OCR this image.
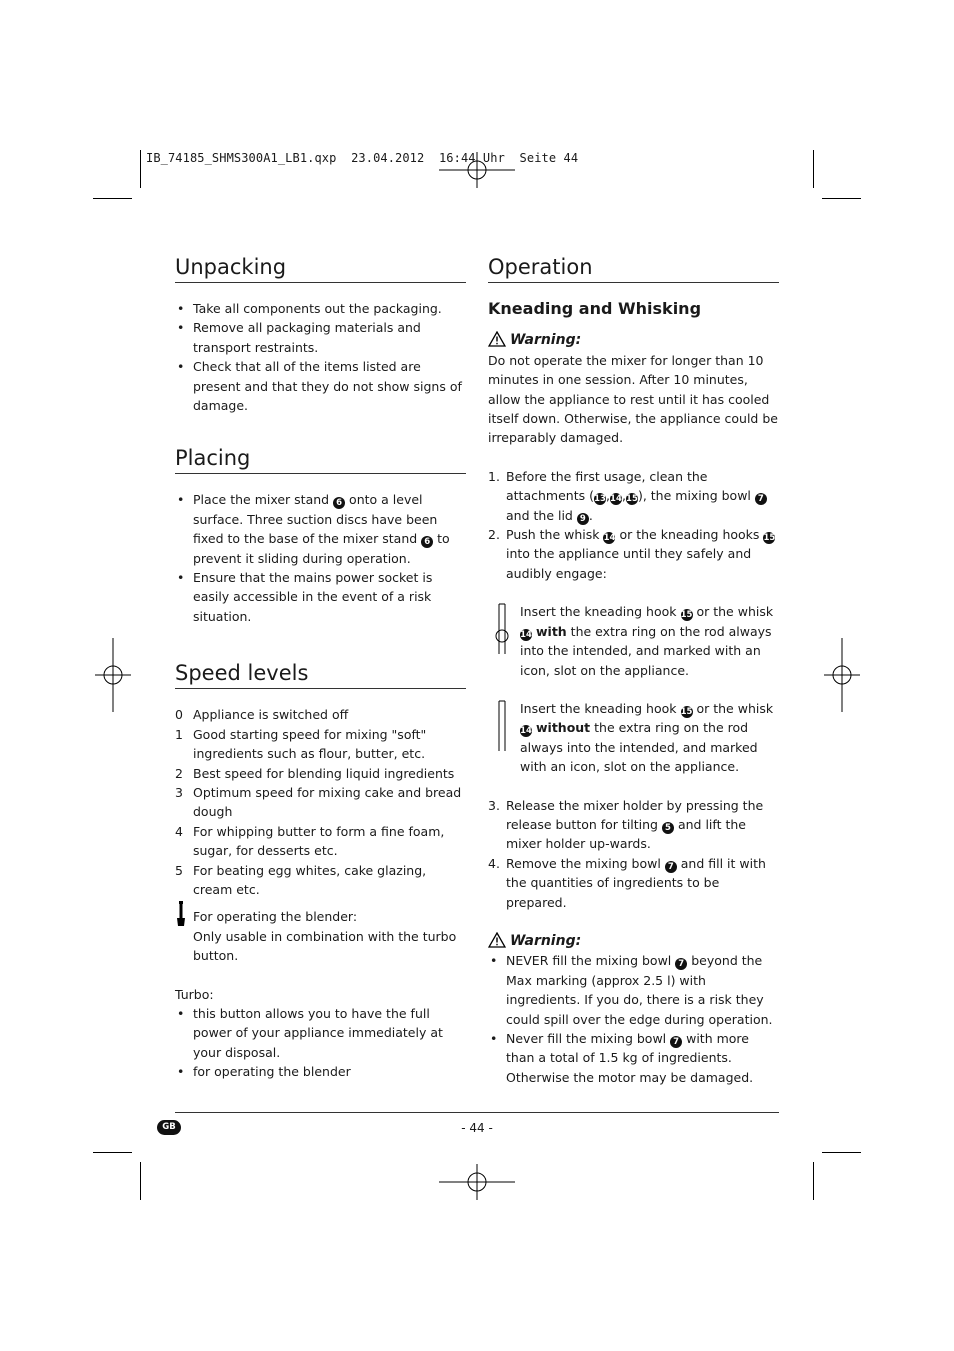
IB_74185_SHMS300A1_LB1.qxp  23.04.2012  16:44 Uhr  Seite 44
Unpacking
• Take all components out the packaging.
• Remove all packaging materials and transport restraints.
• Check that all of the items listed are present and that they do not show signs of damage.
Placing
• Place the mixer stand 6 onto a level surface. Three suction discs have been fixed to the base of the mixer stand 6 to prevent it sliding during operation.
• Ensure that the mains power socket is easily accessible in the event of a risk situation.
Speed levels
0 Appliance is switched off
1 Good starting speed for mixing "soft" ingredients such as flour, butter, etc.
2 Best speed for blending liquid ingredients
3 Optimum speed for mixing cake and bread dough
4 For whipping butter to form a fine foam, sugar, for desserts etc.
5 For beating egg whites, cake glazing, cream etc.
For operating the blender:
Only usable in combination with the turbo button.
Turbo:
• this button allows you to have the full power of your appliance immediately at your disposal.
• for operating the blender
Operation
Kneading and Whisking
Warning:
Do not operate the mixer for longer than 10 minutes in one session. After 10 minutes, allow the appliance to rest until it has cooled itself down. Otherwise, the appliance could be irreparably damaged.
1. Before the first usage, clean the attachments (13,14,15), the mixing bowl 7 and the lid 9 .
2. Push the whisk 14 or the kneading hooks 15 into the appliance until they safely and audibly engage:
Insert the kneading hook 15 or the whisk 14 with the extra ring on the rod always into the intended, and marked with an icon, slot on the appliance.
Insert the kneading hook 15 or the whisk 14 without the extra ring on the rod always into the intended, and marked with an icon, slot on the appliance.
3. Release the mixer holder by pressing the release button for tilting 5 and lift the mixer holder up-wards.
4. Remove the mixing bowl 7 and fill it with the quantities of ingredients to be prepared.
Warning:
• NEVER fill the mixing bowl 7 beyond the Max marking (approx 2.5 l) with ingredients. If you do, there is a risk they could spill over the edge during operation.
• Never fill the mixing bowl 7 with more than a total of 1.5 kg of ingredients. Otherwise the motor may be damaged.
GB	- 44 -
